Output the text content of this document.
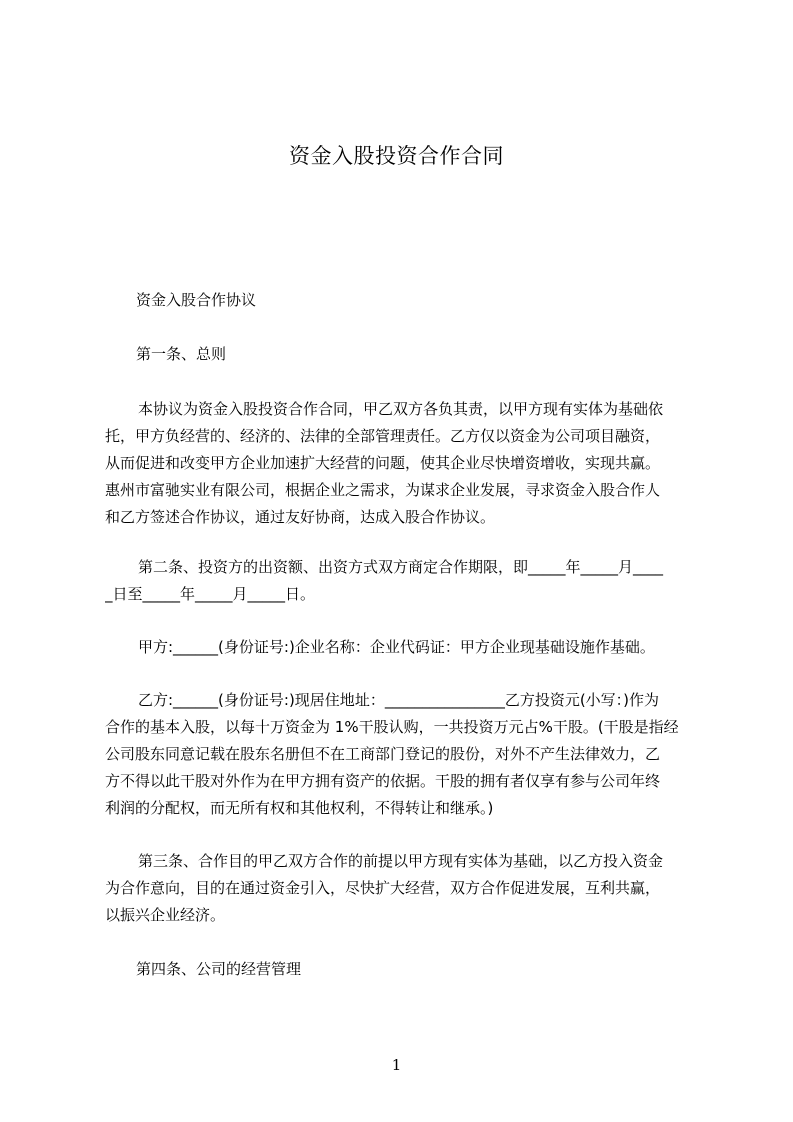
资金入股投资合作合同
资金入股合作协议
第一条、总则
本协议为资金入股投资合作合同，甲乙双方各负其责，以甲方现有实体为基础依
托，甲方负经营的、经济的、法律的全部管理责任。乙方仅以资金为公司项目融资，
从而促进和改变甲方企业加速扩大经营的问题，使其企业尽快增资增收，实现共赢。
惠州市富驰实业有限公司，根据企业之需求，为谋求企业发展，寻求资金入股合作人
和乙方签述合作协议，通过友好协商，达成入股合作协议。
第二条、投资方的出资额、出资方式双方商定合作期限，即_____年_____月____
_日至_____年_____月_____日。
甲方:______(身份证号:)企业名称：企业代码证：甲方企业现基础设施作基础。
乙方:______(身份证号:)现居住地址：________________乙方投资元(小写：)作为
合作的基本入股，以每十万资金为 1%干股认购，一共投资万元占%干股。(干股是指经
公司股东同意记载在股东名册但不在工商部门登记的股份，对外不产生法律效力，乙
方不得以此干股对外作为在甲方拥有资产的依据。干股的拥有者仅享有参与公司年终
利润的分配权，而无所有权和其他权利，不得转让和继承。)
第三条、合作目的甲乙双方合作的前提以甲方现有实体为基础，以乙方投入资金
为合作意向，目的在通过资金引入，尽快扩大经营，双方合作促进发展，互利共赢，
以振兴企业经济。
第四条、公司的经营管理
1
